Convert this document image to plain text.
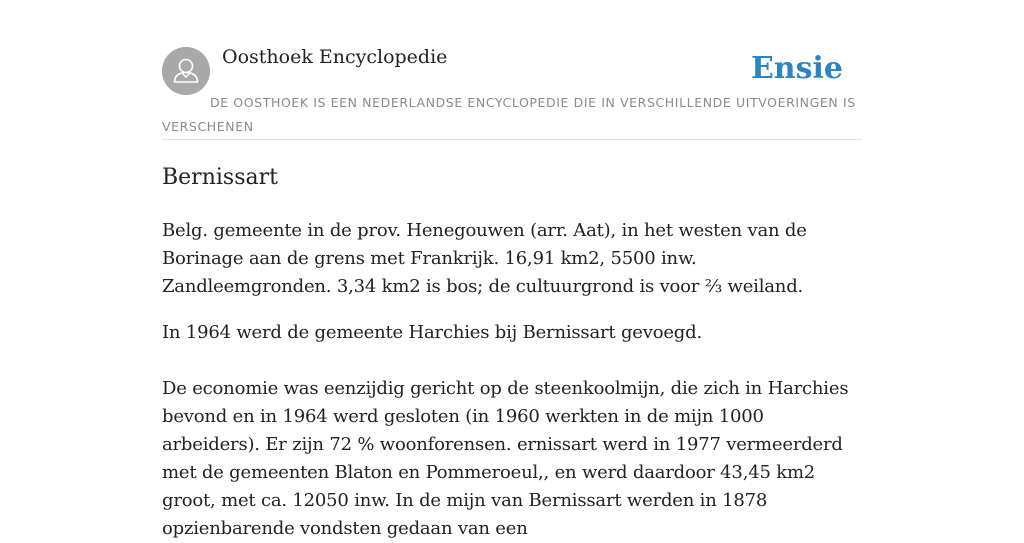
Oosthoek Encyclopedie	Ensie
DE OOSTHOEK IS EEN NEDERLANDSE ENCYCLOPEDIE DIE IN VERSCHILLENDE UITVOERINGEN IS VERSCHENEN
Bernissart

Belg. gemeente in de prov. Henegouwen (arr. Aat), in het westen van de Borinage aan de grens met Frankrijk. 16,91 km2, 5500 inw. Zandleemgronden. 3,34 km2 is bos; de cultuurgrond is voor ⅔ weiland.

In 1964 werd de gemeente Harchies bij Bernissart gevoegd.

De economie was eenzijdig gericht op de steenkoolmijn, die zich in Harchies bevond en in 1964 werd gesloten (in 1960 werkten in de mijn 1000 arbeiders). Er zijn 72 % woonforensen. ernissart werd in 1977 vermeerderd met de gemeenten Blaton en Pommeroeul,, en werd daardoor 43,45 km2 groot, met ca. 12050 inw. In de mijn van Bernissart werden in 1878 opzienbarende vondsten gedaan van een
